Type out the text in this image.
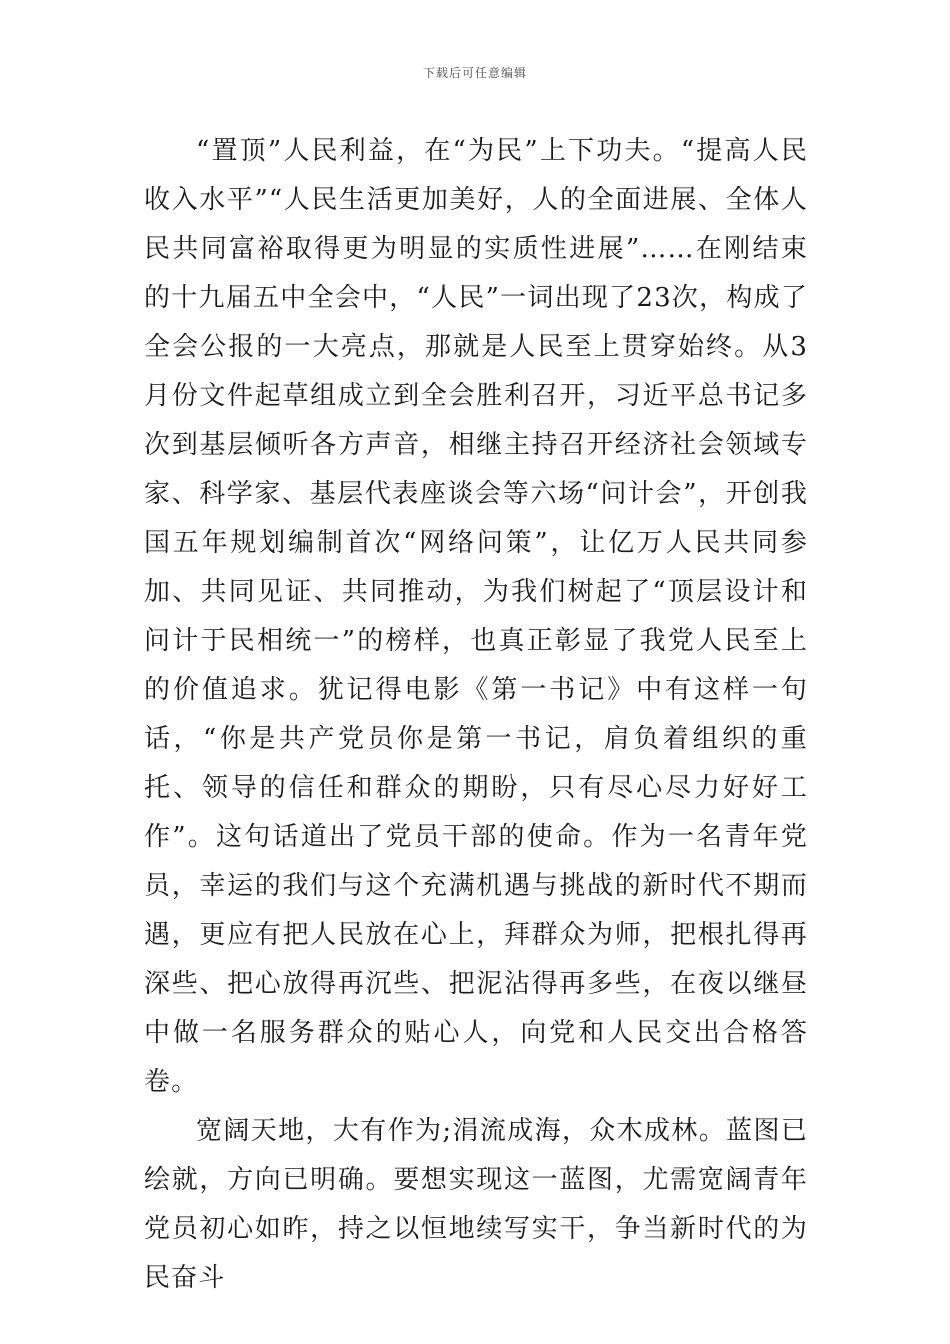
下载后可任意编辑

“置顶”人民利益，在“为民”上下功夫。“提高人民收入水平”“人民生活更加美好，人的全面进展、全体人民共同富裕取得更为明显的实质性进展”……在刚结束的十九届五中全会中，“人民”一词出现了23次，构成了全会公报的一大亮点，那就是人民至上贯穿始终。从3月份文件起草组成立到全会胜利召开，习近平总书记多次到基层倾听各方声音，相继主持召开经济社会领域专家、科学家、基层代表座谈会等六场“问计会”，开创我国五年规划编制首次“网络问策”，让亿万人民共同参加、共同见证、共同推动，为我们树起了“顶层设计和问计于民相统一”的榜样，也真正彰显了我党人民至上的价值追求。犹记得电影《第一书记》中有这样一句话，“你是共产党员你是第一书记，肩负着组织的重托、领导的信任和群众的期盼，只有尽心尽力好好工作”。这句话道出了党员干部的使命。作为一名青年党员，幸运的我们与这个充满机遇与挑战的新时代不期而遇，更应有把人民放在心上，拜群众为师，把根扎得再深些、把心放得再沉些、把泥沾得再多些，在夜以继昼中做一名服务群众的贴心人，向党和人民交出合格答卷。

宽阔天地，大有作为;涓流成海，众木成林。蓝图已绘就，方向已明确。要想实现这一蓝图，尤需宽阔青年党员初心如昨，持之以恒地续写实干，争当新时代的为民奋斗
